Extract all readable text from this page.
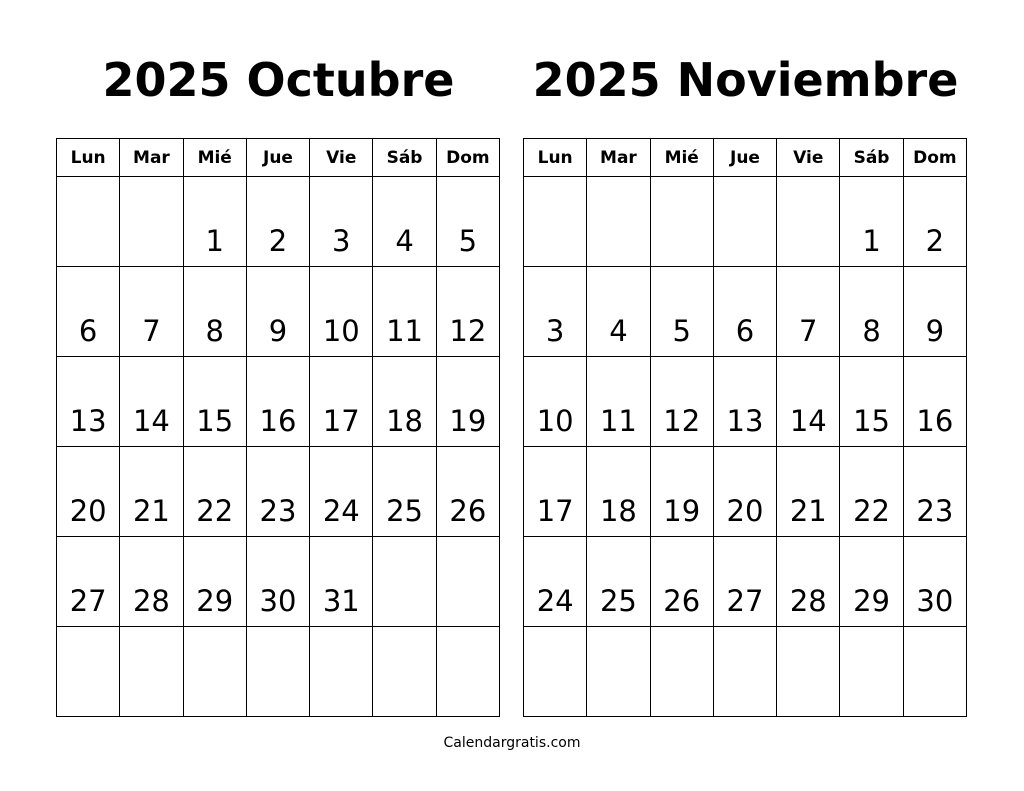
2025 Octubre	2025 Noviembre
Lun	Mar	Mié	Jue	Vie	Sáb	Dom
		1	2	3	4	5
6	7	8	9	10	11	12
13	14	15	16	17	18	19
20	21	22	23	24	25	26
27	28	29	30	31		

Lun	Mar	Mié	Jue	Vie	Sáb	Dom
					1	2
3	4	5	6	7	8	9
10	11	12	13	14	15	16
17	18	19	20	21	22	23
24	25	26	27	28	29	30

Calendargratis.com
